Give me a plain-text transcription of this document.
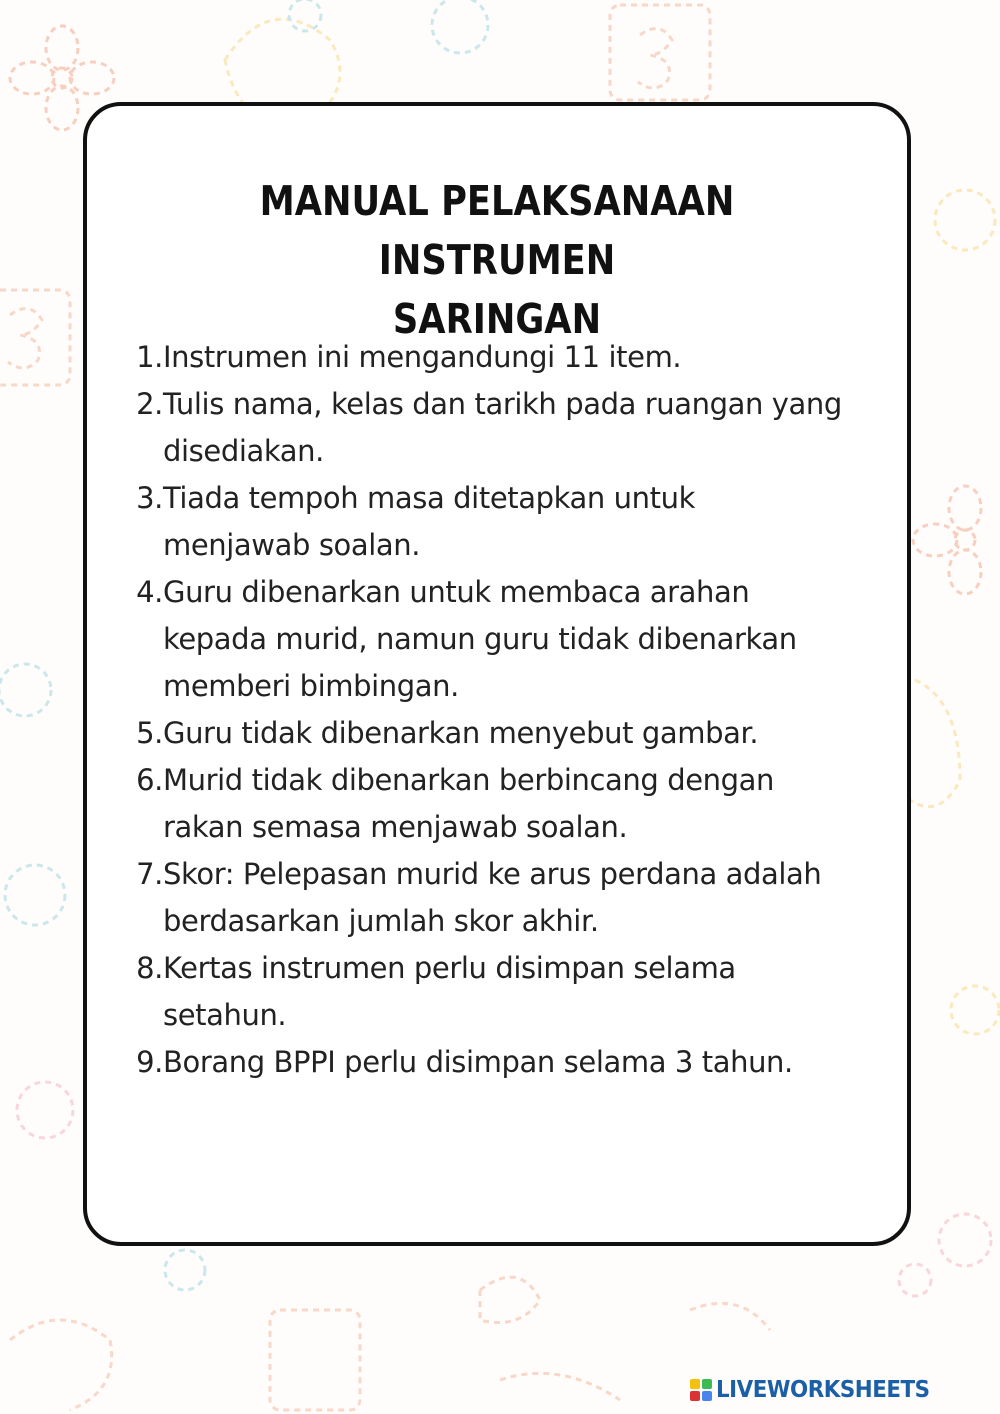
MANUAL PELAKSANAAN INSTRUMEN
SARINGAN
1. Instrumen ini mengandungi 11 item.
2. Tulis nama, kelas dan tarikh pada ruangan yang
disediakan.
3. Tiada tempoh masa ditetapkan untuk
menjawab soalan.
4. Guru dibenarkan untuk membaca arahan
kepada murid, namun guru tidak dibenarkan
memberi bimbingan.
5. Guru tidak dibenarkan menyebut gambar.
6. Murid tidak dibenarkan berbincang dengan
rakan semasa menjawab soalan.
7. Skor: Pelepasan murid ke arus perdana adalah
berdasarkan jumlah skor akhir.
8. Kertas instrumen perlu disimpan selama
setahun.
9. Borang BPPI perlu disimpan selama 3 tahun.
LIVEWORKSHEETS
